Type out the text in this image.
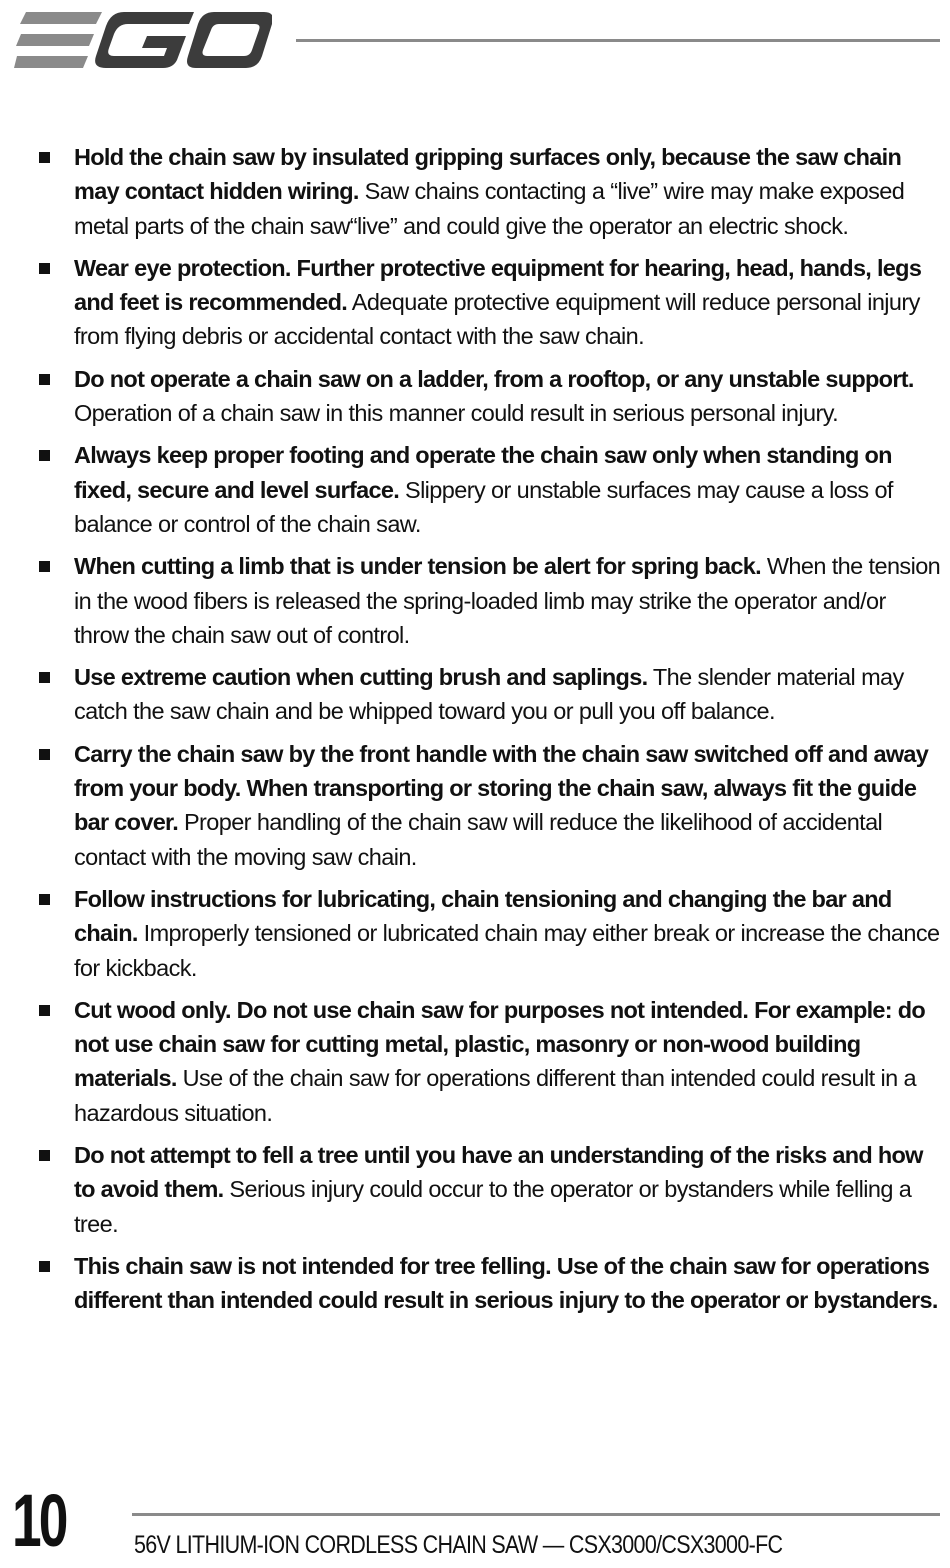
Hold the chain saw by insulated gripping surfaces only, because the saw chain may contact hidden wiring. Saw chains contacting a “live” wire may make exposed metal parts of the chain saw“live” and could give the operator an electric shock.
Wear eye protection. Further protective equipment for hearing, head, hands, legs and feet is recommended. Adequate protective equipment will reduce personal injury from flying debris or accidental contact with the saw chain.
Do not operate a chain saw on a ladder, from a rooftop, or any unstable support. Operation of a chain saw in this manner could result in serious personal injury.
Always keep proper footing and operate the chain saw only when standing on fixed, secure and level surface. Slippery or unstable surfaces may cause a loss of balance or control of the chain saw.
When cutting a limb that is under tension be alert for spring back. When the tension in the wood fibers is released the spring-loaded limb may strike the operator and/or throw the chain saw out of control.
Use extreme caution when cutting brush and saplings. The slender material may catch the saw chain and be whipped toward you or pull you off balance.
Carry the chain saw by the front handle with the chain saw switched off and away from your body. When transporting or storing the chain saw, always fit the guide bar cover. Proper handling of the chain saw will reduce the likelihood of accidental contact with the moving saw chain.
Follow instructions for lubricating, chain tensioning and changing the bar and chain. Improperly tensioned or lubricated chain may either break or increase the chance for kickback.
Cut wood only. Do not use chain saw for purposes not intended. For example: do not use chain saw for cutting metal, plastic, masonry or non-wood building materials. Use of the chain saw for operations different than intended could result in a hazardous situation.
Do not attempt to fell a tree until you have an understanding of the risks and how to avoid them. Serious injury could occur to the operator or bystanders while felling a tree.
This chain saw is not intended for tree felling. Use of the chain saw for operations different than intended could result in serious injury to the operator or bystanders.
10	56V LITHIUM-ION CORDLESS CHAIN SAW — CSX3000/CSX3000-FC
